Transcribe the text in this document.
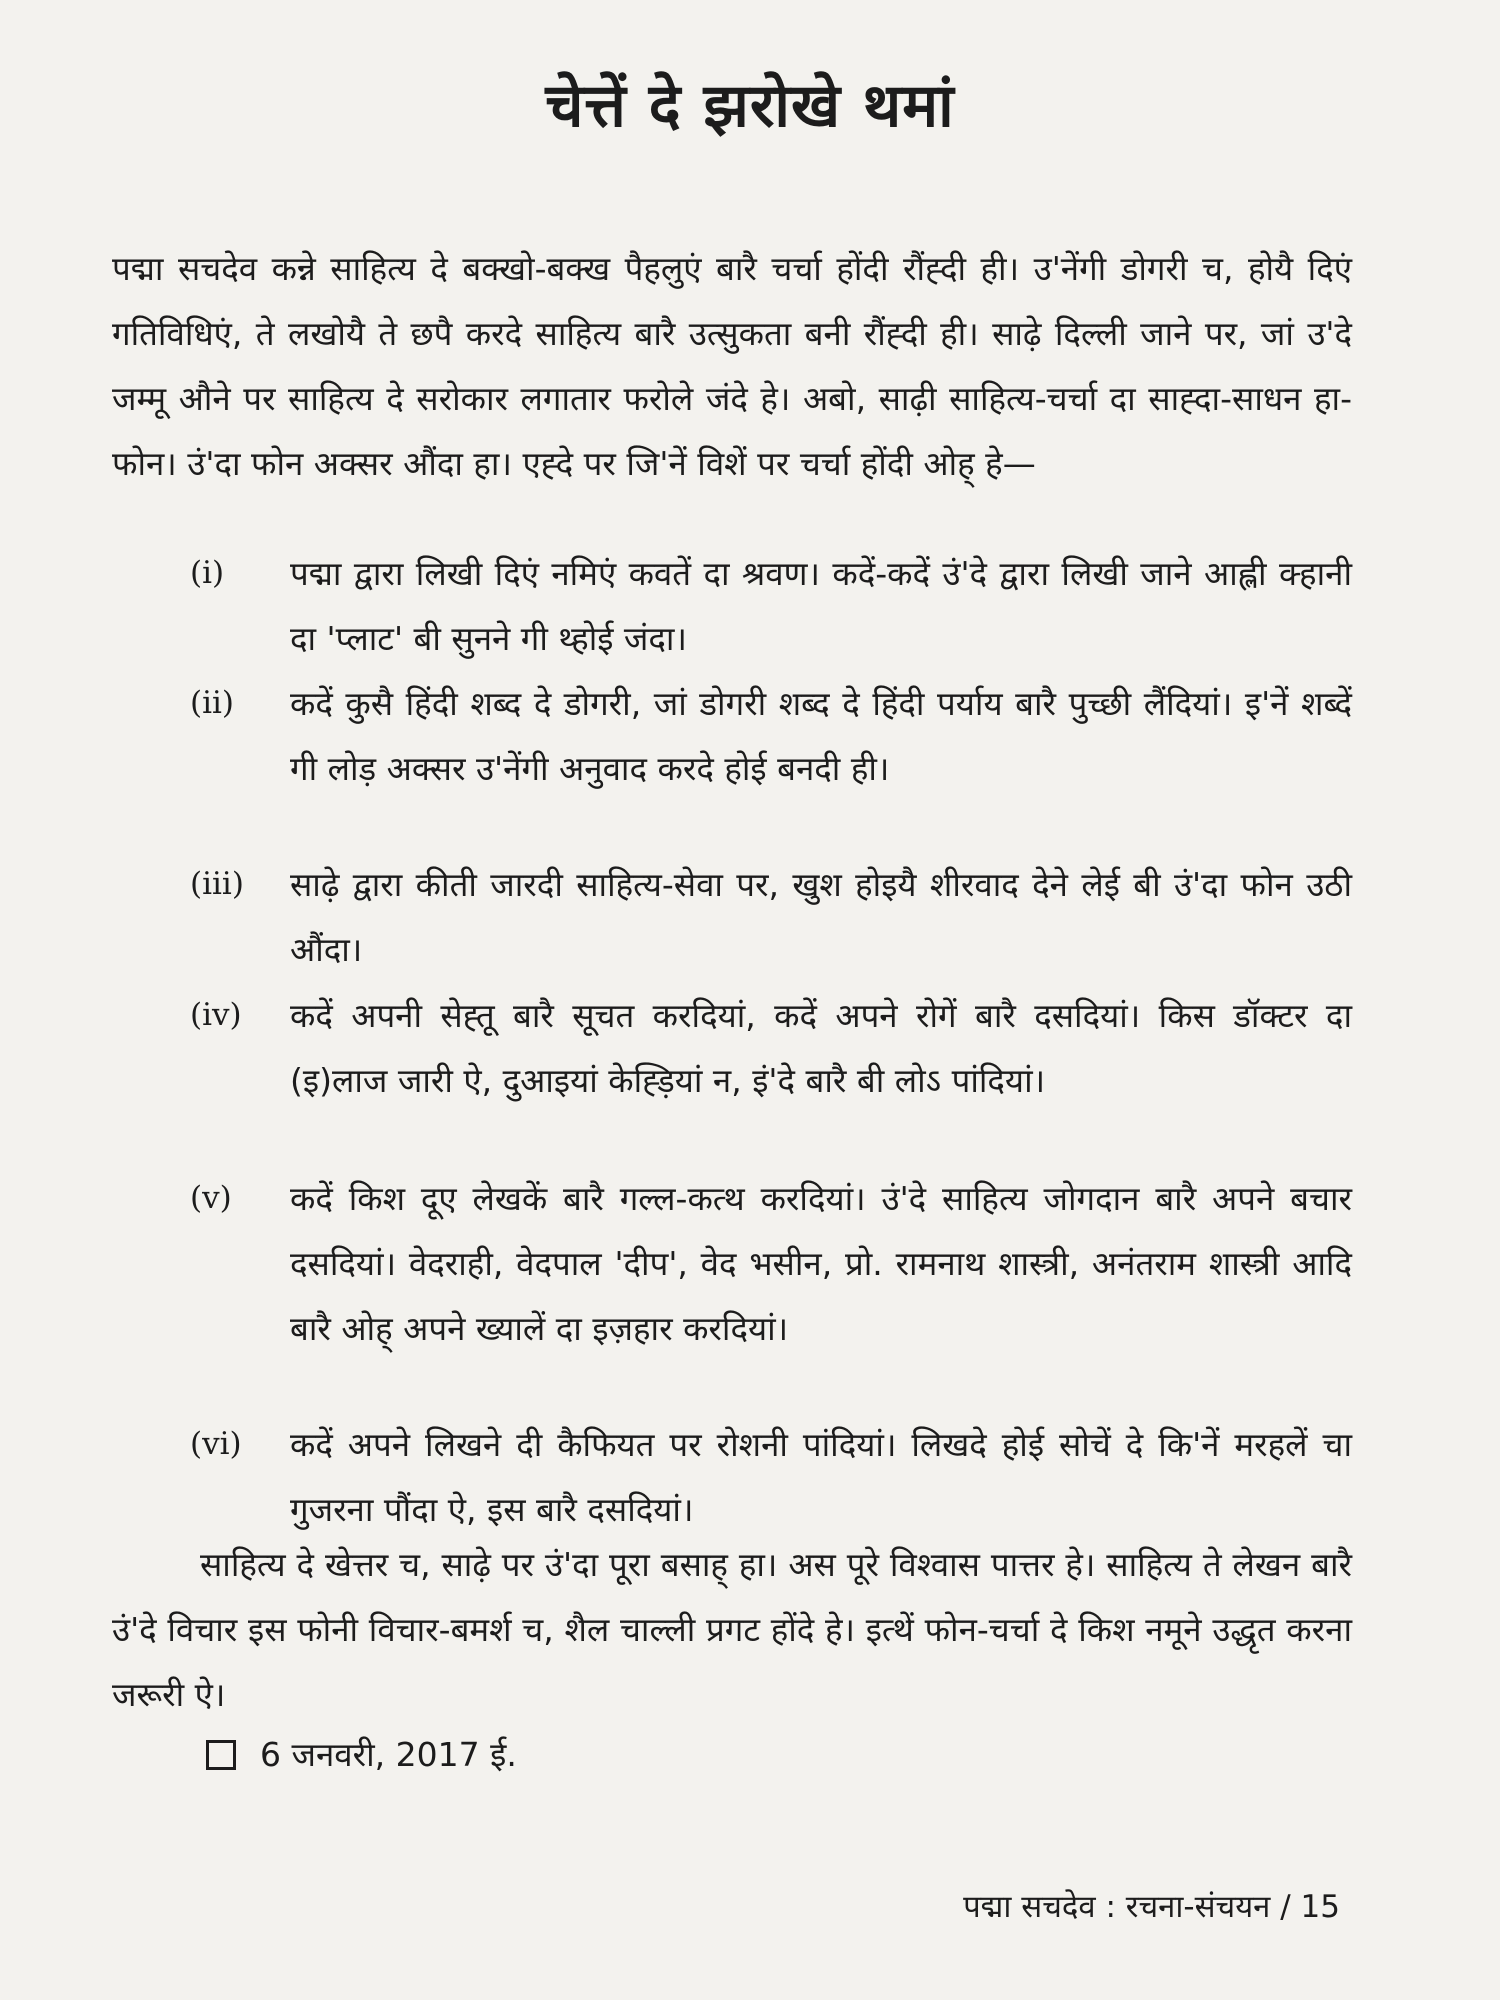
चेत्तें दे झरोखे थमां
पद्मा सचदेव कन्ने साहित्य दे बक्खो-बक्ख पैहलुएं बारै चर्चा होंदी रौंह्दी ही। उ'नेंगी डोगरी च, होयै दिएं गतिविधिएं, ते लखोयै ते छपै करदे साहित्य बारै उत्सुकता बनी रौंह्दी ही। साढ़े दिल्ली जाने पर, जां उ'दे जम्मू औने पर साहित्य दे सरोकार लगातार फरोले जंदे हे। अबो, साढ़ी साहित्य-चर्चा दा साह्दा-साधन हा-फोन। उं'दा फोन अक्सर औंदा हा। एह्दे पर जि'नें विशें पर चर्चा होंदी ओह् हे—
(i)	पद्मा द्वारा लिखी दिएं नमिएं कवतें दा श्रवण। कदें-कदें उं'दे द्वारा लिखी जाने आह्ली क्हानी दा 'प्लाट' बी सुनने गी थ्होई जंदा।
(ii)	कदें कुसै हिंदी शब्द दे डोगरी, जां डोगरी शब्द दे हिंदी पर्याय बारै पुच्छी लैंदियां। इ'नें शब्दें गी लोड़ अक्सर उ'नेंगी अनुवाद करदे होई बनदी ही।
(iii)	साढ़े द्वारा कीती जारदी साहित्य-सेवा पर, खुश होइयै शीरवाद देने लेई बी उं'दा फोन उठी औंदा।
(iv)	कदें अपनी सेह्तू बारै सूचत करदियां, कदें अपने रोगें बारै दसदियां। किस डॉक्टर दा (इ)लाज जारी ऐ, दुआइयां केह्ड़ियां न, इं'दे बारै बी लोऽ पांदियां।
(v)	कदें किश दूए लेखकें बारै गल्ल-कत्थ करदियां। उं'दे साहित्य जोगदान बारै अपने बचार दसदियां। वेदराही, वेदपाल 'दीप', वेद भसीन, प्रो. रामनाथ शास्त्री, अनंतराम शास्त्री आदि बारै ओह् अपने ख्यालें दा इज़हार करदियां।
(vi)	कदें अपने लिखने दी कैफियत पर रोशनी पांदियां। लिखदे होई सोचें दे कि'नें मरहलें चा गुजरना पौंदा ऐ, इस बारै दसदियां।
साहित्य दे खेत्तर च, साढ़े पर उं'दा पूरा बसाह् हा। अस पूरे विश्वास पात्तर हे। साहित्य ते लेखन बारै उं'दे विचार इस फोनी विचार-बमर्श च, शैल चाल्ली प्रगट होंदे हे। इत्थें फोन-चर्चा दे किश नमूने उद्धृत करना जरूरी ऐ।
6 जनवरी, 2017 ई.
पद्मा सचदेव : रचना-संचयन / 15
